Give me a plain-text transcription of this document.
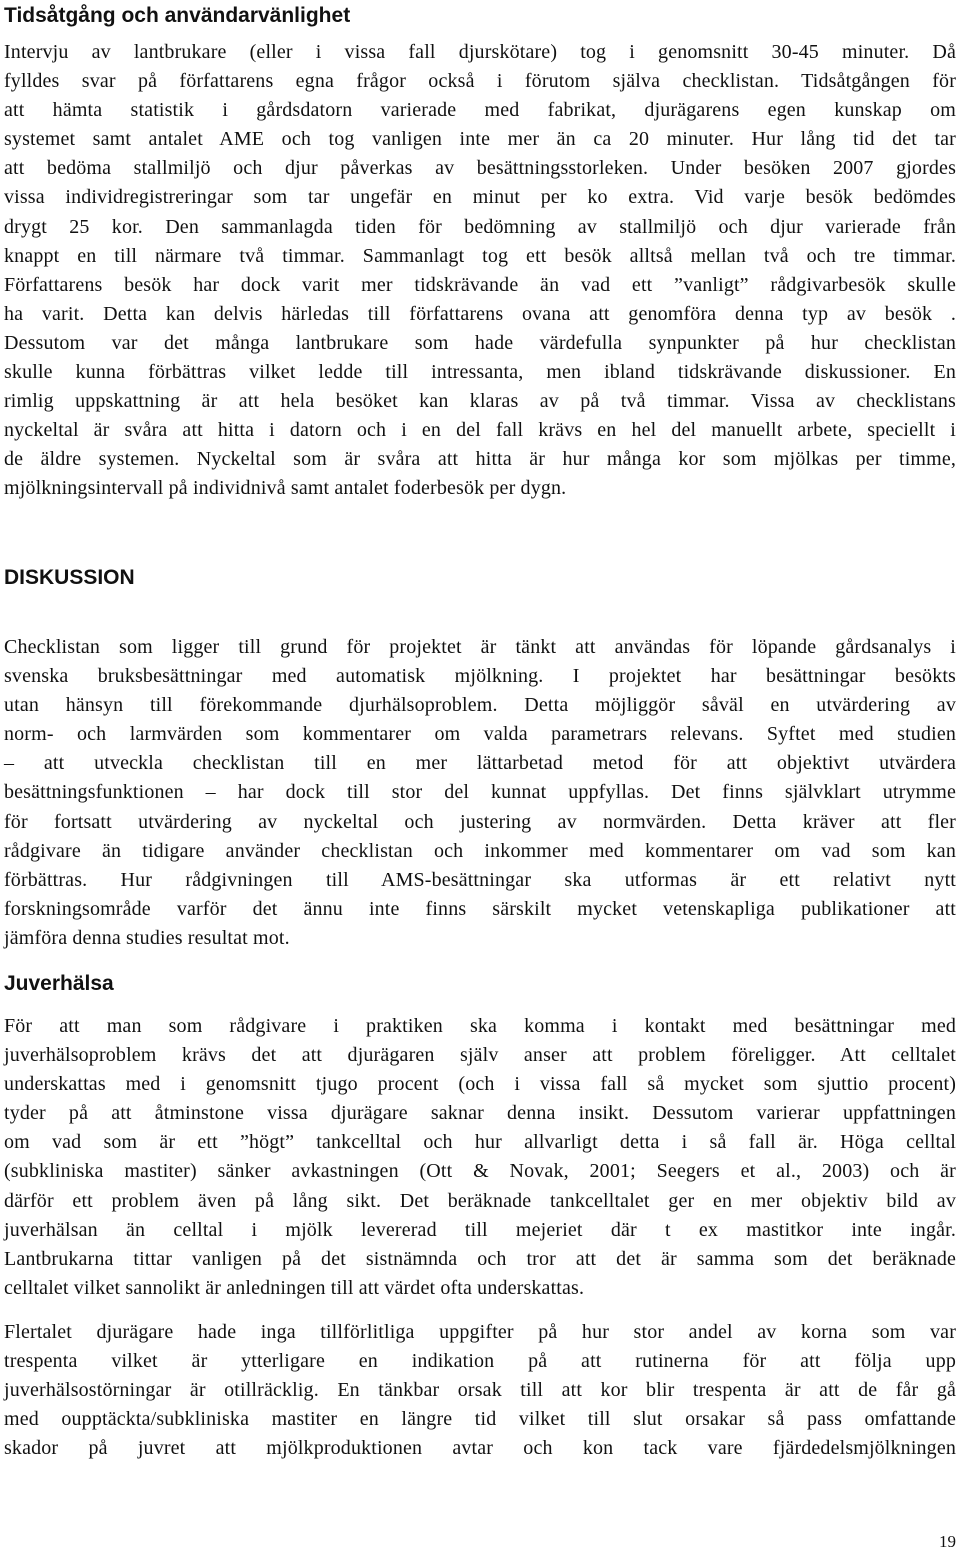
Tidsåtgång och användarvänlighet

Intervju av lantbrukare (eller i vissa fall djurskötare) tog i genomsnitt 30-45 minuter. Då
fylldes svar på författarens egna frågor också i förutom själva checklistan. Tidsåtgången för
att hämta statistik i gårdsdatorn varierade med fabrikat, djurägarens egen kunskap om
systemet samt antalet AME och tog vanligen inte mer än ca 20 minuter. Hur lång tid det tar
att bedöma stallmiljö och djur påverkas av besättningsstorleken. Under besöken 2007 gjordes
vissa individregistreringar som tar ungefär en minut per ko extra. Vid varje besök bedömdes
drygt 25 kor. Den sammanlagda tiden för bedömning av stallmiljö och djur varierade från
knappt en till närmare två timmar. Sammanlagt tog ett besök alltså mellan två och tre timmar.
Författarens besök har dock varit mer tidskrävande än vad ett ”vanligt” rådgivarbesök skulle
ha varit. Detta kan delvis härledas till författarens ovana att genomföra denna typ av besök .
Dessutom var det många lantbrukare som hade värdefulla synpunkter på hur checklistan
skulle kunna förbättras vilket ledde till intressanta, men ibland tidskrävande diskussioner. En
rimlig uppskattning är att hela besöket kan klaras av på två timmar. Vissa av checklistans
nyckeltal är svåra att hitta i datorn och i en del fall krävs en hel del manuellt arbete, speciellt i
de äldre systemen. Nyckeltal som är svåra att hitta är hur många kor som mjölkas per timme,
mjölkningsintervall på individnivå samt antalet foderbesök per dygn.

DISKUSSION

Checklistan som ligger till grund för projektet är tänkt att användas för löpande gårdsanalys i
svenska bruksbesättningar med automatisk mjölkning. I projektet har besättningar besökts
utan hänsyn till förekommande djurhälsoproblem. Detta möjliggör såväl en utvärdering av
norm- och larmvärden som kommentarer om valda parametrars relevans. Syftet med studien
– att utveckla checklistan till en mer lättarbetad metod för att objektivt utvärdera
besättningsfunktionen – har dock till stor del kunnat uppfyllas. Det finns självklart utrymme
för fortsatt utvärdering av nyckeltal och justering av normvärden. Detta kräver att fler
rådgivare än tidigare använder checklistan och inkommer med kommentarer om vad som kan
förbättras. Hur rådgivningen till AMS-besättningar ska utformas är ett relativt nytt
forskningsområde varför det ännu inte finns särskilt mycket vetenskapliga publikationer att
jämföra denna studies resultat mot.

Juverhälsa

För att man som rådgivare i praktiken ska komma i kontakt med besättningar med
juverhälsoproblem krävs det att djurägaren själv anser att problem föreligger. Att celltalet
underskattas med i genomsnitt tjugo procent (och i vissa fall så mycket som sjuttio procent)
tyder på att åtminstone vissa djurägare saknar denna insikt. Dessutom varierar uppfattningen
om vad som är ett ”högt” tankcelltal och hur allvarligt detta i så fall är. Höga celltal
(subkliniska mastiter) sänker avkastningen (Ott & Novak, 2001; Seegers et al., 2003) och är
därför ett problem även på lång sikt. Det beräknade tankcelltalet ger en mer objektiv bild av
juverhälsan än celltal i mjölk levererad till mejeriet där t ex mastitkor inte ingår.
Lantbrukarna tittar vanligen på det sistnämnda och tror att det är samma som det beräknade
celltalet vilket sannolikt är anledningen till att värdet ofta underskattas.

Flertalet djurägare hade inga tillförlitliga uppgifter på hur stor andel av korna som var
trespenta vilket är ytterligare en indikation på att rutinerna för att följa upp
juverhälsostörningar är otillräcklig. En tänkbar orsak till att kor blir trespenta är att de får gå
med oupptäckta/subkliniska mastiter en längre tid vilket till slut orsakar så pass omfattande
skador på juvret att mjölkproduktionen avtar och kon tack vare fjärdedelsmjölkningen

19
